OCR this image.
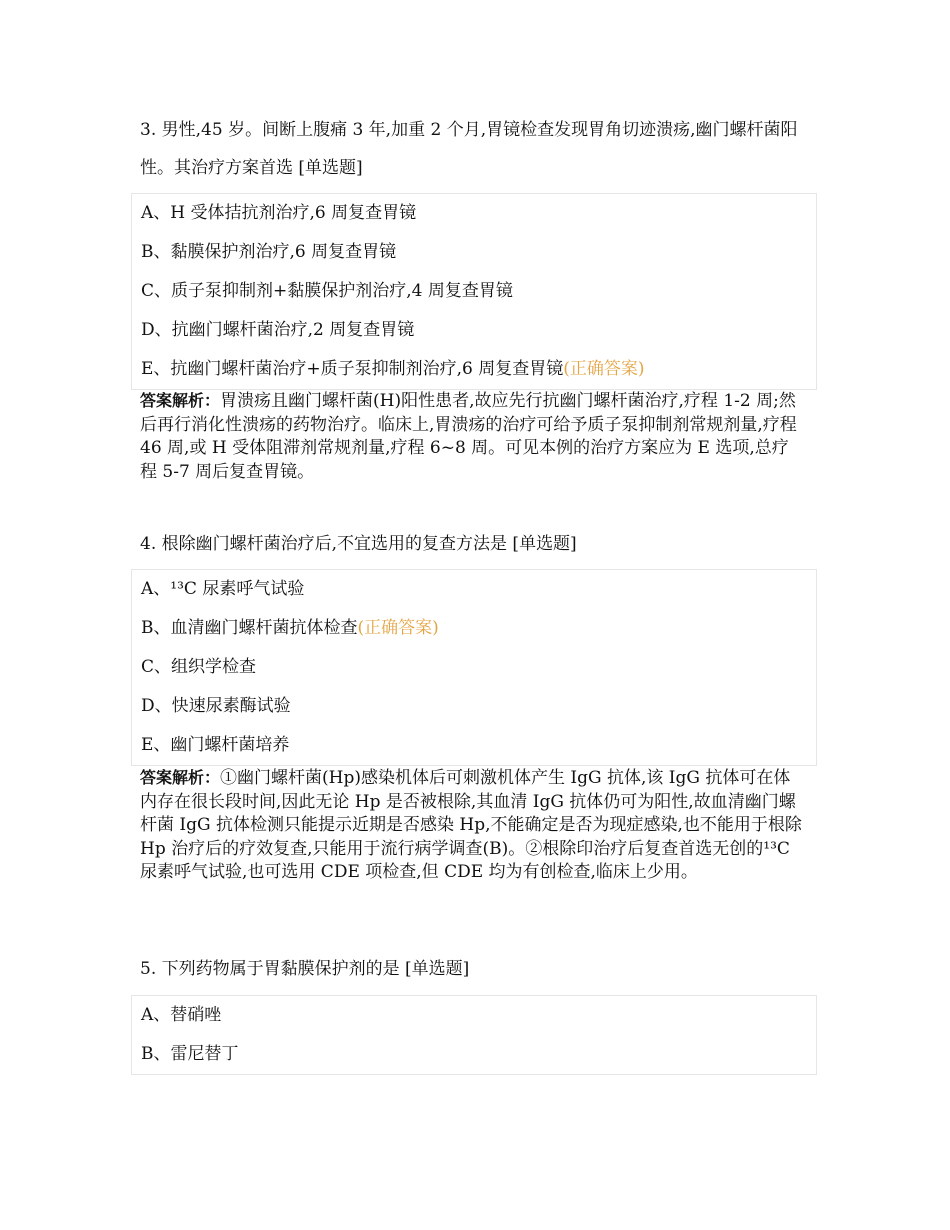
3. 男性,45 岁。间断上腹痛 3 年,加重 2 个月,胃镜检查发现胃角切迹溃疡,幽门螺杆菌阳性。其治疗方案首选 [单选题]

A、H 受体拮抗剂治疗,6 周复查胃镜
B、黏膜保护剂治疗,6 周复查胃镜
C、质子泵抑制剂+黏膜保护剂治疗,4 周复查胃镜
D、抗幽门螺杆菌治疗,2 周复查胃镜
E、抗幽门螺杆菌治疗+质子泵抑制剂治疗,6 周复查胃镜(正确答案)

答案解析：胃溃疡且幽门螺杆菌(H)阳性患者,故应先行抗幽门螺杆菌治疗,疗程 1-2 周;然后再行消化性溃疡的药物治疗。临床上,胃溃疡的治疗可给予质子泵抑制剂常规剂量,疗程 46 周,或 H 受体阻滞剂常规剂量,疗程 6~8 周。可见本例的治疗方案应为 E 选项,总疗程 5-7 周后复查胃镜。

4. 根除幽门螺杆菌治疗后,不宜选用的复查方法是 [单选题]

A、¹³C 尿素呼气试验
B、血清幽门螺杆菌抗体检查(正确答案)
C、组织学检查
D、快速尿素酶试验
E、幽门螺杆菌培养

答案解析：①幽门螺杆菌(Hp)感染机体后可刺激机体产生 IgG 抗体,该 IgG 抗体可在体内存在很长段时间,因此无论 Hp 是否被根除,其血清 IgG 抗体仍可为阳性,故血清幽门螺杆菌 IgG 抗体检测只能提示近期是否感染 Hp,不能确定是否为现症感染,也不能用于根除 Hp 治疗后的疗效复查,只能用于流行病学调查(B)。②根除印治疗后复查首选无创的¹³C 尿素呼气试验,也可选用 CDE 项检查,但 CDE 均为有创检查,临床上少用。

5. 下列药物属于胃黏膜保护剂的是 [单选题]

A、替硝唑
B、雷尼替丁
